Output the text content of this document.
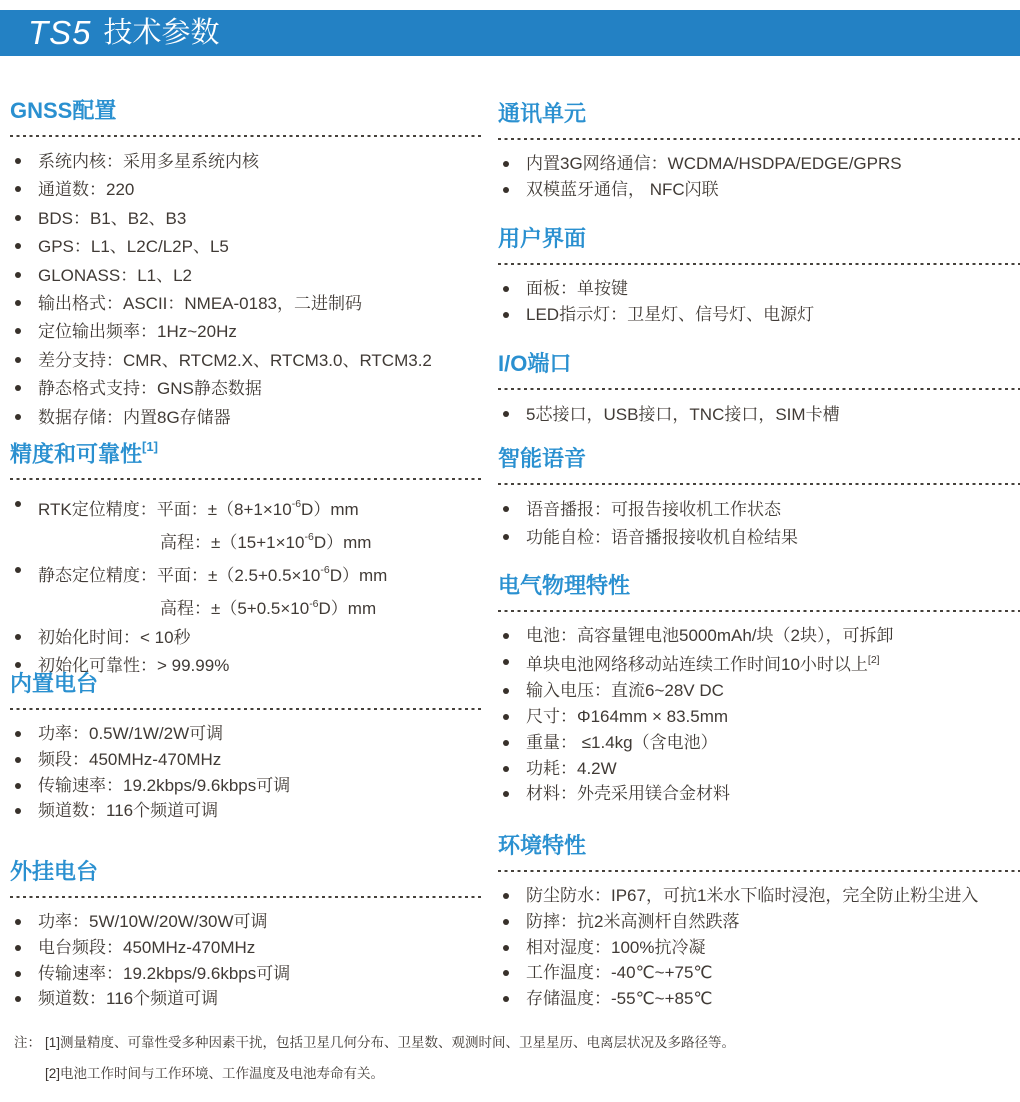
TS5 技术参数
GNSS配置
系统内核：采用多星系统内核
通道数：220
BDS：B1、B2、B3
GPS：L1、L2C/L2P、L5
GLONASS：L1、L2
输出格式：ASCII：NMEA-0183，二进制码
定位输出频率：1Hz~20Hz
差分支持：CMR、RTCM2.X、RTCM3.0、RTCM3.2
静态格式支持：GNS静态数据
数据存储：内置8G存储器
精度和可靠性[1]
RTK定位精度：平面：$\pm(8+1\times 10^{-6}D)mm$
高程：$\pm(15+1\times 10^{-6}D)mm$
静态定位精度：平面：$\pm(2.5+0.5\times 10^{-6}D)mm$
高程：$\pm(5+0.5\times 10^{-6}D)mm$
初始化时间：< 10秒
初始化可靠性：> 99.99%
内置电台
功率：0.5W/1W/2W可调
频段：450MHz-470MHz
传输速率：19.2kbps/9.6kbps可调
频道数：116个频道可调
外挂电台
功率：5W/10W/20W/30W可调
电台频段：450MHz-470MHz
传输速率：19.2kbps/9.6kbps可调
频道数：116个频道可调
通讯单元
内置3G网络通信：WCDMA/HSDPA/EDGE/GPRS
双模蓝牙通信， NFC闪联
用户界面
面板：单按键
LED指示灯：卫星灯、信号灯、电源灯
I/O端口
5芯接口，USB接口，TNC接口，SIM卡槽
智能语音
语音播报：可报告接收机工作状态
功能自检：语音播报接收机自检结果
电气物理特性
电池：高容量锂电池5000mAh/块（2块），可拆卸
单块电池网络移动站连续工作时间10小时以上[2]
输入电压：直流6~28V DC
尺寸：Φ164mm × 83.5mm
重量： ≤1.4kg（含电池）
功耗：4.2W
材料：外壳采用镁合金材料
环境特性
防尘防水：IP67，可抗1米水下临时浸泡，完全防止粉尘进入
防摔：抗2米高测杆自然跌落
相对湿度：100%抗冷凝
工作温度：-40℃~+75℃
存储温度：-55℃~+85℃
注： [1]测量精度、可靠性受多种因素干扰，包括卫星几何分布、卫星数、观测时间、卫星星历、电离层状况及多路径等。
[2]电池工作时间与工作环境、工作温度及电池寿命有关。
